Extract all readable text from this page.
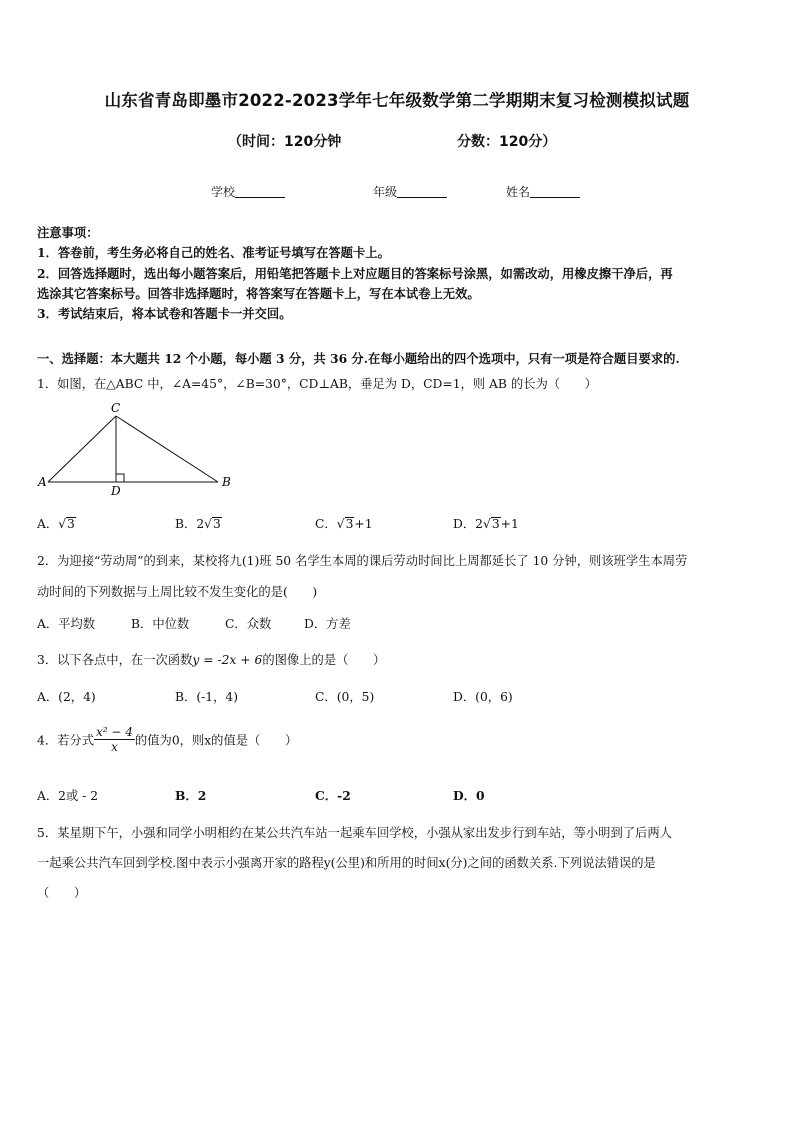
山东省青岛即墨市2022-2023学年七年级数学第二学期期末复习检测模拟试题
（时间：120分钟	分数：120分）
学校	年级	姓名
注意事项：
1．答卷前，考生务必将自己的姓名、准考证号填写在答题卡上。
2．回答选择题时，选出每小题答案后，用铅笔把答题卡上对应题目的答案标号涂黑，如需改动，用橡皮擦干净后，再
选涂其它答案标号。回答非选择题时，将答案写在答题卡上，写在本试卷上无效。
3．考试结束后，将本试卷和答题卡一并交回。
一、选择题：本大题共 12 个小题，每小题 3 分，共 36 分.在每小题给出的四个选项中，只有一项是符合题目要求的.
1．如图，在△ABC 中，∠A=45°，∠B=30°，CD⊥AB，垂足为 D，CD=1，则 AB 的长为（　　）
A	B
C
D
A．√3	B．2√3	C．√3+1	D．2√3+1
2．为迎接“劳动周”的到来，某校将九(1)班 50 名学生本周的课后劳动时间比上周都延长了 10 分钟，则该班学生本周劳
动时间的下列数据与上周比较不发生变化的是(　　)
A．平均数	B．中位数	C．众数	D．方差
3．以下各点中，在一次函数y = -2x + 6的图像上的是（　　）
A．(2，4)	B．(-1，4)	C．(0，5)	D．(0，6)
4．若分式 $\frac{\text{x² − 4}}{x}$ 的值为0，则x的值是（　　）
A．2或 - 2	B．2	C．-2	D．0
5．某星期下午，小强和同学小明相约在某公共汽车站一起乘车回学校，小强从家出发步行到车站，等小明到了后两人
一起乘公共汽车回到学校.图中表示小强离开家的路程y(公里)和所用的时间x(分)之间的函数关系.下列说法错误的是
（　　）
